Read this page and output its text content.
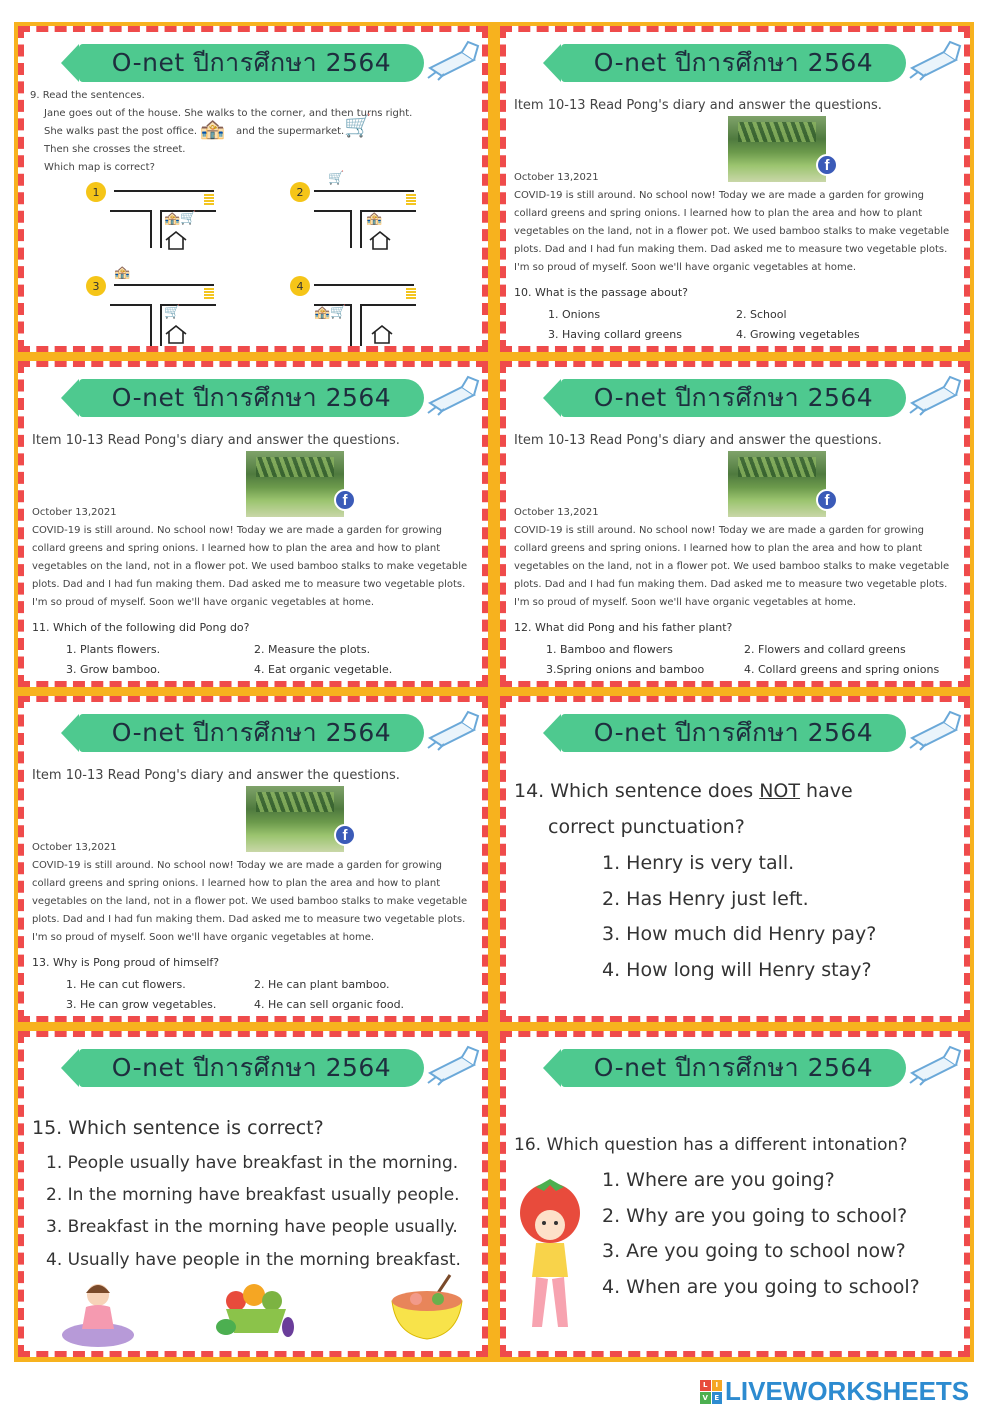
O-net ปีการศึกษา 2564
9. Read the sentences.
Jane goes out of the house. She walks to the corner, and then turns right.
She walks past the post office. 🏤 and the supermarket. 🛒
Then she crosses the street.
Which map is correct?
1
🏤🛒
2
🛒
🏤
3
🏤
🛒
4
🏤🛒
O-net ปีการศึกษา 2564
Item 10-13 Read Pong's diary and answer the questions.
f
October 13,2021
COVID-19 is still around. No school now! Today we are made a garden for growing
collard greens and spring onions. I learned how to plan the area and how to plant
vegetables on the land, not in a flower pot. We used bamboo stalks to make vegetable
plots. Dad and I had fun making them. Dad asked me to measure two vegetable plots.
I'm so proud of myself. Soon we'll have organic vegetables at home.
10. What is the passage about?
1. Onions	2. School
3. Having collard greens	4. Growing vegetables
O-net ปีการศึกษา 2564
Item 10-13 Read Pong's diary and answer the questions.
f
October 13,2021
COVID-19 is still around. No school now! Today we are made a garden for growing
collard greens and spring onions. I learned how to plan the area and how to plant
vegetables on the land, not in a flower pot. We used bamboo stalks to make vegetable
plots. Dad and I had fun making them. Dad asked me to measure two vegetable plots.
I'm so proud of myself. Soon we'll have organic vegetables at home.
11. Which of the following did Pong do?
1. Plants flowers.	2. Measure the plots.
3. Grow bamboo.	4. Eat organic vegetable.
O-net ปีการศึกษา 2564
Item 10-13 Read Pong's diary and answer the questions.
f
October 13,2021
COVID-19 is still around. No school now! Today we are made a garden for growing
collard greens and spring onions. I learned how to plan the area and how to plant
vegetables on the land, not in a flower pot. We used bamboo stalks to make vegetable
plots. Dad and I had fun making them. Dad asked me to measure two vegetable plots.
I'm so proud of myself. Soon we'll have organic vegetables at home.
12. What did Pong and his father plant?
1. Bamboo and flowers	2. Flowers and collard greens
3.Spring onions and bamboo	4. Collard greens and spring onions
O-net ปีการศึกษา 2564
Item 10-13 Read Pong's diary and answer the questions.
f
October 13,2021
COVID-19 is still around. No school now! Today we are made a garden for growing
collard greens and spring onions. I learned how to plan the area and how to plant
vegetables on the land, not in a flower pot. We used bamboo stalks to make vegetable
plots. Dad and I had fun making them. Dad asked me to measure two vegetable plots.
I'm so proud of myself. Soon we'll have organic vegetables at home.
13. Why is Pong proud of himself?
1. He can cut flowers.	2. He can plant bamboo.
3. He can grow vegetables.	4. He can sell organic food.
O-net ปีการศึกษา 2564
14. Which sentence does NOT have
correct punctuation?
1. Henry is very tall.
2. Has Henry just left.
3. How much did Henry pay?
4. How long will Henry stay?
O-net ปีการศึกษา 2564
15. Which sentence is correct?
1. People usually have breakfast in the morning.
2. In the morning have breakfast usually people.
3. Breakfast in the morning have people usually.
4. Usually have people in the morning breakfast.
O-net ปีการศึกษา 2564
16. Which question has a different intonation?
1. Where are you going?
2. Why are you going to school?
3. Are you going to school now?
4. When are you going to school?
L	I
V E LIVEWORKSHEETS
